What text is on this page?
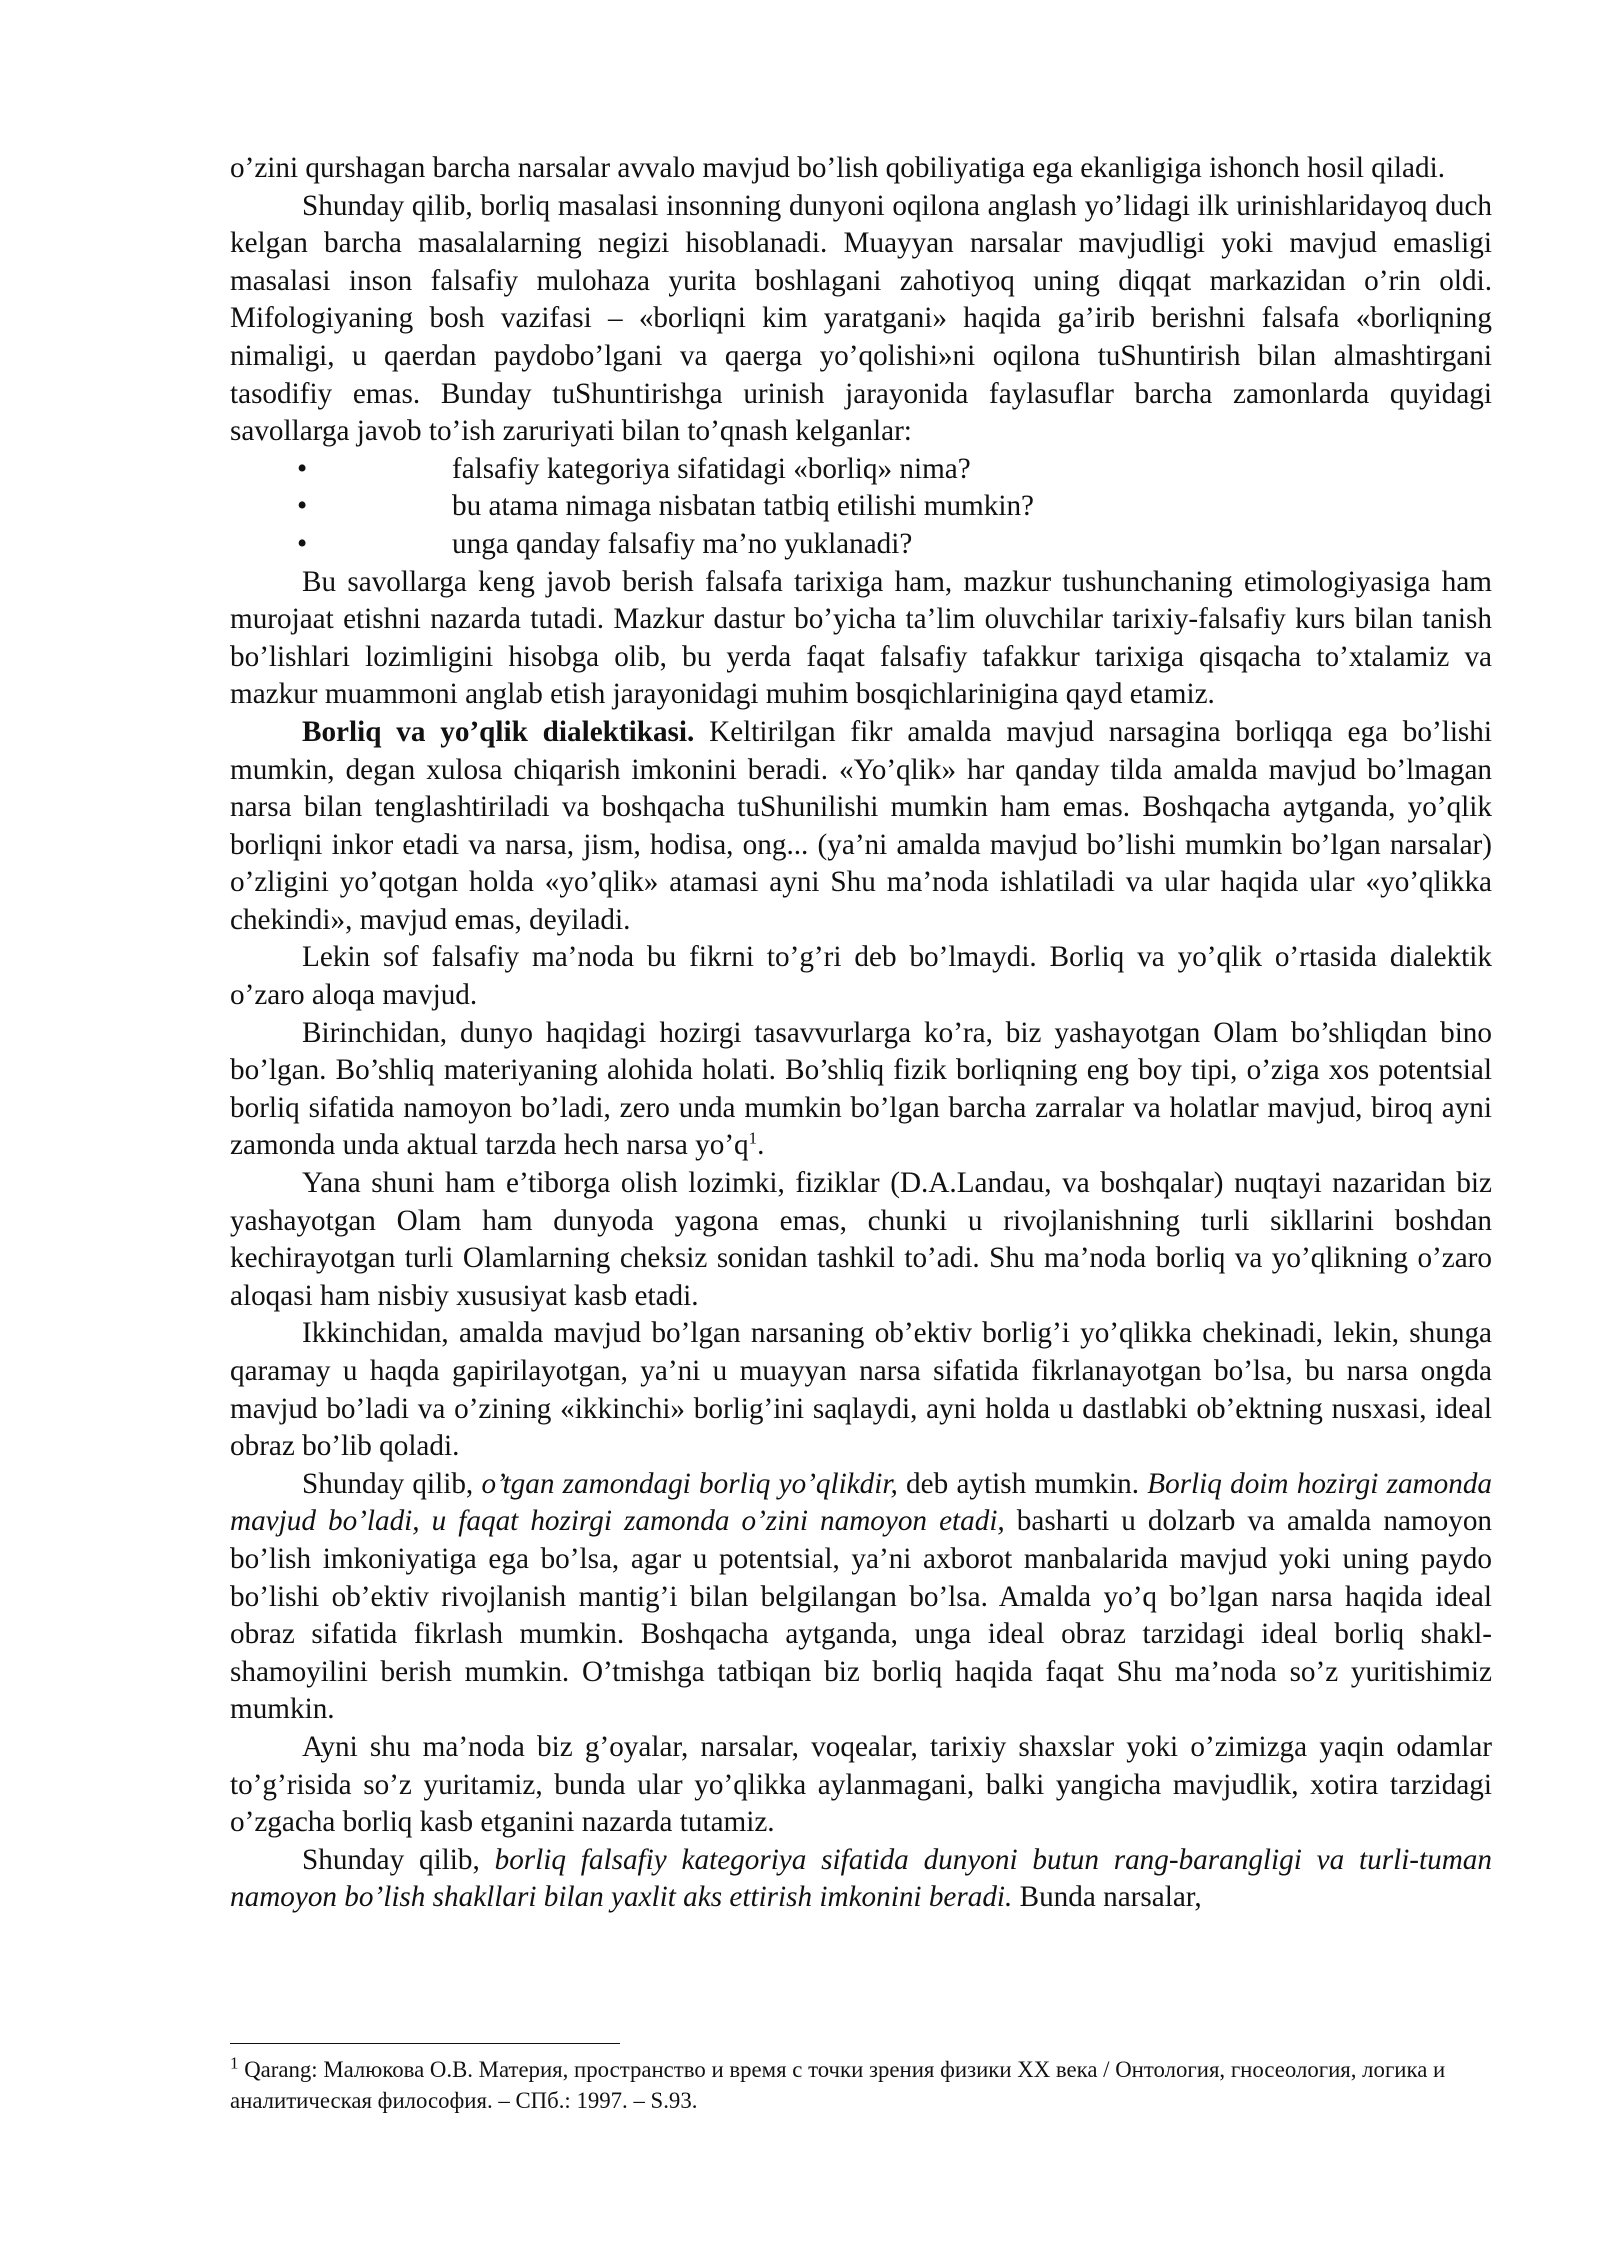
o’zini qurshagan barcha narsalar avvalo mavjud bo’lish qobiliyatiga ega ekanligiga ishonch hosil qiladi.

Shunday qilib, borliq masalasi insonning dunyoni oqilona anglash yo’lidagi ilk urinishlaridayoq duch kelgan barcha masalalarning negizi hisoblanadi. Muayyan narsalar mavjudligi yoki mavjud emasligi masalasi inson falsafiy mulohaza yurita boshlagani zahotiyoq uning diqqat markazidan o’rin oldi. Mifologiyaning bosh vazifasi – «borliqni kim yaratgani» haqida ga’irib berishni falsafa «borliqning nimaligi, u qaerdan paydobo’lgani va qaerga yo’qolishi»ni oqilona tuShuntirish bilan almashtirgani tasodifiy emas. Bunday tuShuntirishga urinish jarayonida faylasuflar barcha zamonlarda quyidagi savollarga javob to’ish zaruriyati bilan to’qnash kelganlar:

•	falsafiy kategoriya sifatidagi «borliq» nima?
•	bu atama nimaga nisbatan tatbiq etilishi mumkin?
•	unga qanday falsafiy ma’no yuklanadi?

Bu savollarga keng javob berish falsafa tarixiga ham, mazkur tushunchaning etimologiyasiga ham murojaat etishni nazarda tutadi. Mazkur dastur bo’yicha ta’lim oluvchilar tarixiy-falsafiy kurs bilan tanish bo’lishlari lozimligini hisobga olib, bu yerda faqat falsafiy tafakkur tarixiga qisqacha to’xtalamiz va mazkur muammoni anglab etish jarayonidagi muhim bosqichlarinigina qayd etamiz.

Borliq va yo’qlik dialektikasi. Keltirilgan fikr amalda mavjud narsagina borliqqa ega bo’lishi mumkin, degan xulosa chiqarish imkonini beradi. «Yo’qlik» har qanday tilda amalda mavjud bo’lmagan narsa bilan tenglashtiriladi va boshqacha tuShunilishi mumkin ham emas. Boshqacha aytganda, yo’qlik borliqni inkor etadi va narsa, jism, hodisa, ong... (ya’ni amalda mavjud bo’lishi mumkin bo’lgan narsalar) o’zligini yo’qotgan holda «yo’qlik» atamasi ayni Shu ma’noda ishlatiladi va ular haqida ular «yo’qlikka chekindi», mavjud emas, deyiladi.

Lekin sof falsafiy ma’noda bu fikrni to’g’ri deb bo’lmaydi. Borliq va yo’qlik o’rtasida dialektik o’zaro aloqa mavjud.

Birinchidan, dunyo haqidagi hozirgi tasavvurlarga ko’ra, biz yashayotgan Olam bo’shliqdan bino bo’lgan. Bo’shliq materiyaning alohida holati. Bo’shliq fizik borliqning eng boy tipi, o’ziga xos potentsial borliq sifatida namoyon bo’ladi, zero unda mumkin bo’lgan barcha zarralar va holatlar mavjud, biroq ayni zamonda unda aktual tarzda hech narsa $yo’q^1$.

Yana shuni ham e’tiborga olish lozimki, fiziklar (D.A.Landau, va boshqalar) nuqtayi nazaridan biz yashayotgan Olam ham dunyoda yagona emas, chunki u rivojlanishning turli sikllarini boshdan kechirayotgan turli Olamlarning cheksiz sonidan tashkil to’adi. Shu ma’noda borliq va yo’qlikning o’zaro aloqasi ham nisbiy xususiyat kasb etadi.

Ikkinchidan, amalda mavjud bo’lgan narsaning ob’ektiv borlig’i yo’qlikka chekinadi, lekin, shunga qaramay u haqda gapirilayotgan, ya’ni u muayyan narsa sifatida fikrlanayotgan bo’lsa, bu narsa ongda mavjud bo’ladi va o’zining «ikkinchi» borlig’ini saqlaydi, ayni holda u dastlabki ob’ektning nusxasi, ideal obraz bo’lib qoladi.

Shunday qilib, o’tgan zamondagi borliq yo’qlikdir, deb aytish mumkin. Borliq doim hozirgi zamonda mavjud bo’ladi, u faqat hozirgi zamonda o’zini namoyon etadi, basharti u dolzarb va amalda namoyon bo’lish imkoniyatiga ega bo’lsa, agar u potentsial, ya’ni axborot manbalarida mavjud yoki uning paydo bo’lishi ob’ektiv rivojlanish mantig’i bilan belgilangan bo’lsa. Amalda yo’q bo’lgan narsa haqida ideal obraz sifatida fikrlash mumkin. Boshqacha aytganda, unga ideal obraz tarzidagi ideal borliq shakl-shamoyilini berish mumkin. O’tmishga tatbiqan biz borliq haqida faqat Shu ma’noda so’z yuritishimiz mumkin.

Ayni shu ma’noda biz g’oyalar, narsalar, voqealar, tarixiy shaxslar yoki o’zimizga yaqin odamlar to’g’risida so’z yuritamiz, bunda ular yo’qlikka aylanmagani, balki yangicha mavjudlik, xotira tarzidagi o’zgacha borliq kasb etganini nazarda tutamiz.

Shunday qilib, borliq falsafiy kategoriya sifatida dunyoni butun rang-barangligi va turli-tuman namoyon bo’lish shakllari bilan yaxlit aks ettirish imkonini beradi. Bunda narsalar,

$^1$ Qarang: Малюкова О.В. Материя, пространство и время с точки зрения физики XX века / Онтология, гносеология, логика и аналитическая философия. – СПб.: 1997. – S.93.
